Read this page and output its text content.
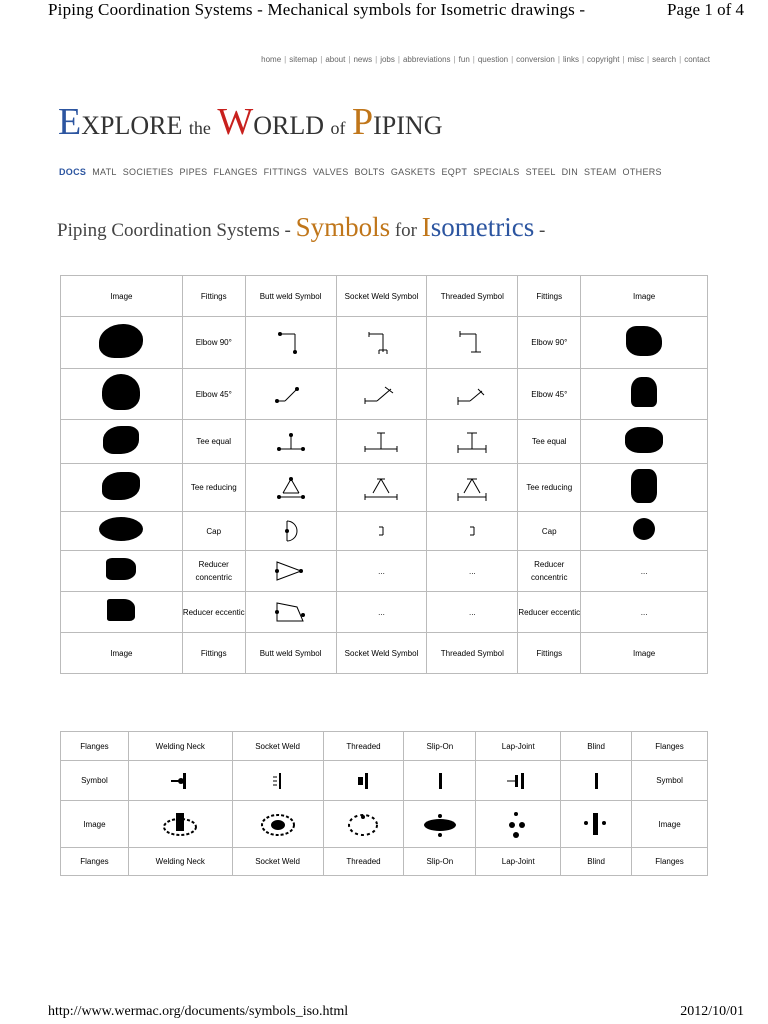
Piping Coordination Systems - Mechanical symbols for Isometric drawings -	Page 1 of 4
home | sitemap | about | news | jobs | abbreviations | fun | question | conversion | links | copyright | misc | search | contact
EXPLORE the WORLD of PIPING
DOCS MATL SOCIETIES PIPES FLANGES FITTINGS VALVES BOLTS GASKETS EQPT SPECIALS STEEL DIN STEAM OTHERS
Piping Coordination Systems - Symbols for Isometrics -
Image	Fittings	Butt weld Symbol	Socket Weld Symbol	Threaded Symbol	Fittings	Image
	Elbow 90°				Elbow 90°	
	Elbow 45°				Elbow 45°	
	Tee equal				Tee equal	
	Tee reducing				Tee reducing	
	Cap				Cap	
	Reducer concentric		...	...	Reducer concentric	...
	Reducer eccentic		...	...	Reducer eccentic	...
Image	Fittings	Butt weld Symbol	Socket Weld Symbol	Threaded Symbol	Fittings	Image
Flanges	Welding Neck	Socket Weld	Threaded	Slip-On	Lap-Joint	Blind	Flanges
Symbol							Symbol
Image							Image
Flanges	Welding Neck	Socket Weld	Threaded	Slip-On	Lap-Joint	Blind	Flanges
http://www.wermac.org/documents/symbols_iso.html	2012/10/01
